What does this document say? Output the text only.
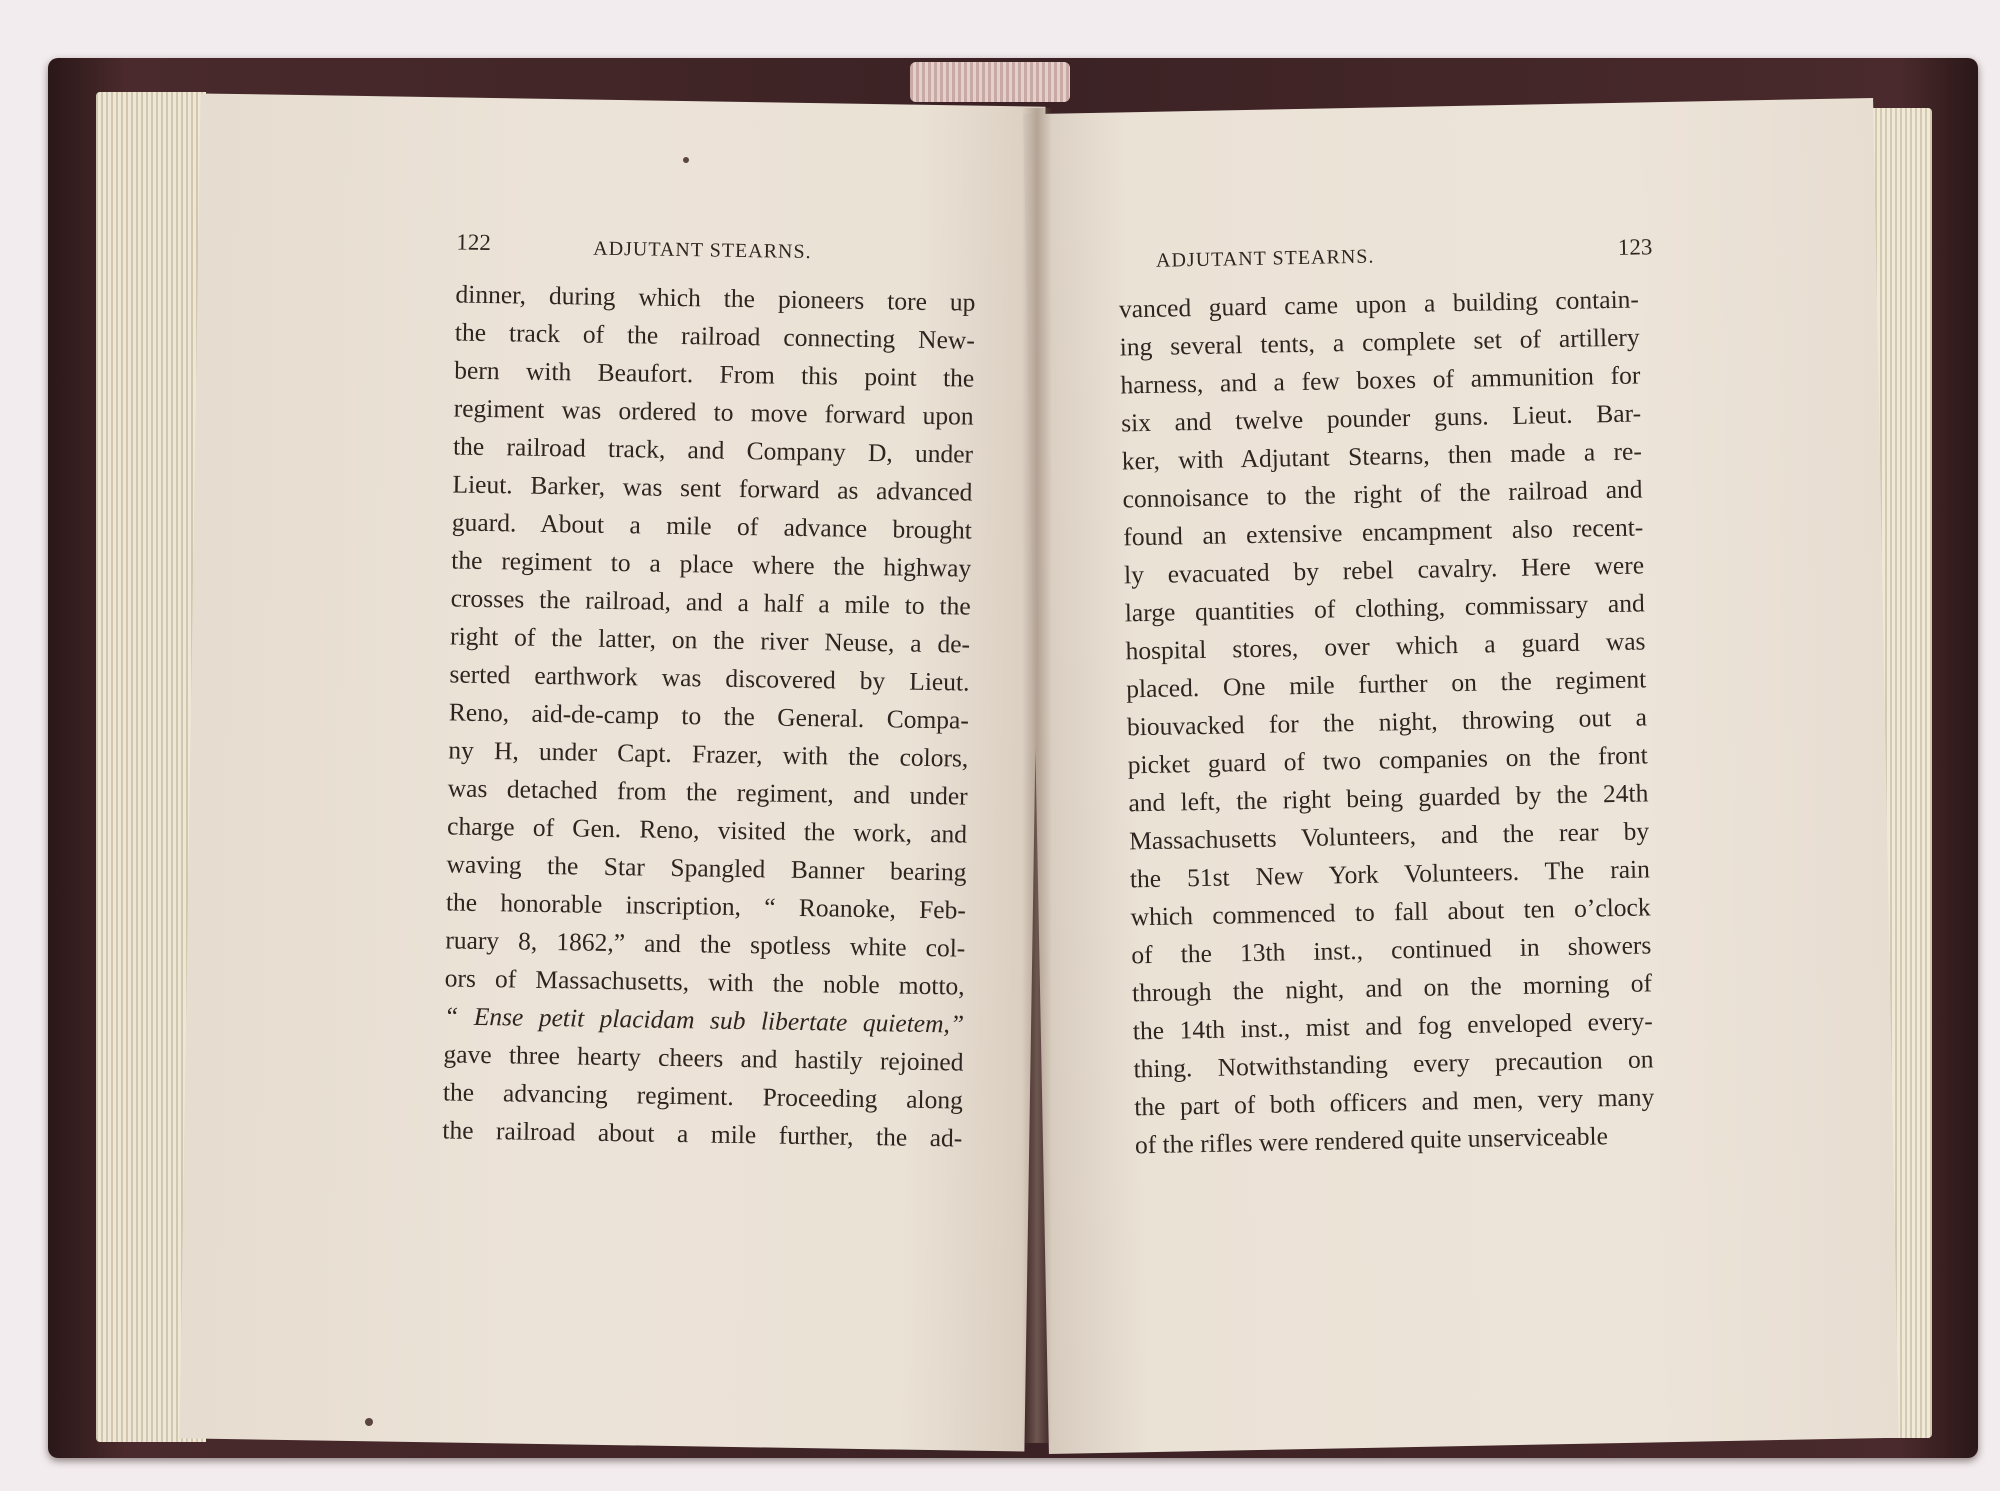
122	ADJUTANT STEARNS.
dinner, during which the pioneers tore up
the track of the railroad connecting New-
bern with Beaufort. From this point the
regiment was ordered to move forward upon
the railroad track, and Company D, under
Lieut. Barker, was sent forward as advanced
guard. About a mile of advance brought
the regiment to a place where the highway
crosses the railroad, and a half a mile to the
right of the latter, on the river Neuse, a de-
serted earthwork was discovered by Lieut.
Reno, aid-de-camp to the General. Compa-
ny H, under Capt. Frazer, with the colors,
was detached from the regiment, and under
charge of Gen. Reno, visited the work, and
waving the Star Spangled Banner bearing
the honorable inscription, “ Roanoke, Feb-
ruary 8, 1862,” and the spotless white col-
ors of Massachusetts, with the noble motto,
“ Ense petit placidam sub libertate quietem,”
gave three hearty cheers and hastily rejoined
the advancing regiment. Proceeding along
the railroad about a mile further, the ad-
ADJUTANT STEARNS.	123
vanced guard came upon a building contain-
ing several tents, a complete set of artillery
harness, and a few boxes of ammunition for
six and twelve pounder guns. Lieut. Bar-
ker, with Adjutant Stearns, then made a re-
connoisance to the right of the railroad and
found an extensive encampment also recent-
ly evacuated by rebel cavalry. Here were
large quantities of clothing, commissary and
hospital stores, over which a guard was
placed. One mile further on the regiment
biouvacked for the night, throwing out a
picket guard of two companies on the front
and left, the right being guarded by the 24th
Massachusetts Volunteers, and the rear by
the 51st New York Volunteers. The rain
which commenced to fall about ten o’clock
of the 13th inst., continued in showers
through the night, and on the morning of
the 14th inst., mist and fog enveloped every-
thing. Notwithstanding every precaution on
the part of both officers and men, very many
of the rifles were rendered quite unserviceable
